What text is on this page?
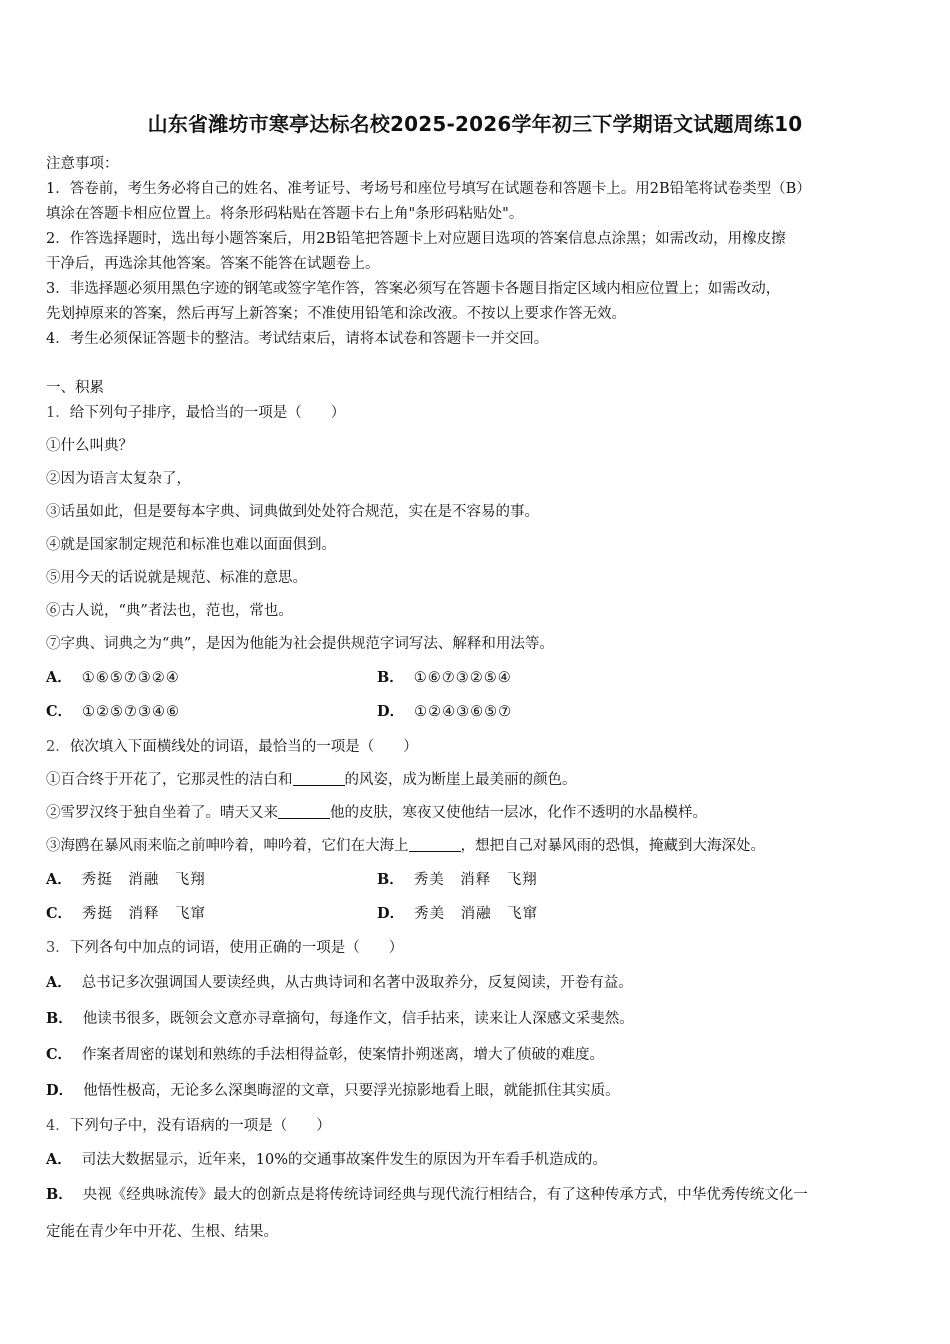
山东省潍坊市寒亭达标名校2025-2026学年初三下学期语文试题周练10
注意事项：
1．答卷前，考生务必将自己的姓名、准考证号、考场号和座位号填写在试题卷和答题卡上。用2B铅笔将试卷类型（B）
填涂在答题卡相应位置上。将条形码粘贴在答题卡右上角"条形码粘贴处"。
2．作答选择题时，选出每小题答案后，用2B铅笔把答题卡上对应题目选项的答案信息点涂黑；如需改动，用橡皮擦
干净后，再选涂其他答案。答案不能答在试题卷上。
3．非选择题必须用黑色字迹的钢笔或签字笔作答，答案必须写在答题卡各题目指定区域内相应位置上；如需改动，
先划掉原来的答案，然后再写上新答案；不准使用铅笔和涂改液。不按以上要求作答无效。
4．考生必须保证答题卡的整洁。考试结束后，请将本试卷和答题卡一并交回。
一、积累
1．给下列句子排序，最恰当的一项是（　　）
①什么叫典？
②因为语言太复杂了，
③话虽如此，但是要每本字典、词典做到处处符合规范，实在是不容易的事。
④就是国家制定规范和标准也难以面面俱到。
⑤用今天的话说就是规范、标准的意思。
⑥古人说，“典”者法也，范也，常也。
⑦字典、词典之为“典”，是因为他能为社会提供规范字词写法、解释和用法等。
A． ①⑥⑤⑦③②④	B． ①⑥⑦③②⑤④
C． ①②⑤⑦③④⑥	D． ①②④③⑥⑤⑦
2．依次填入下面横线处的词语，最恰当的一项是（　　）
①百合终于开花了，它那灵性的洁白和	的风姿，成为断崖上最美丽的颜色。
②雪罗汉终于独自坐着了。晴天又来	他的皮肤，寒夜又使他结一层冰，化作不透明的水晶模样。
③海鸥在暴风雨来临之前呻吟着，呻吟着，它们在大海上	，想把自己对暴风雨的恐惧，掩藏到大海深处。
A． 秀挺　消融　飞翔	B． 秀美　消释　飞翔
C． 秀挺　消释　飞窜	D． 秀美　消融　飞窜
3．下列各句中加点的词语，使用正确的一项是（　　）
A． 总书记多次强调国人要读经典，从古典诗词和名著中汲取养分，反复阅读，开卷有益。
B． 他读书很多，既领会文意亦寻章摘句，每逢作文，信手拈来，读来让人深感文采斐然。
C． 作案者周密的谋划和熟练的手法相得益彰，使案情扑朔迷离，增大了侦破的难度。
D． 他悟性极高，无论多么深奥晦涩的文章，只要浮光掠影地看上眼，就能抓住其实质。
4．下列句子中，没有语病的一项是（　　）
A． 司法大数据显示，近年来，10%的交通事故案件发生的原因为开车看手机造成的。
B． 央视《经典咏流传》最大的创新点是将传统诗词经典与现代流行相结合，有了这种传承方式，中华优秀传统文化一
定能在青少年中开花、生根、结果。
